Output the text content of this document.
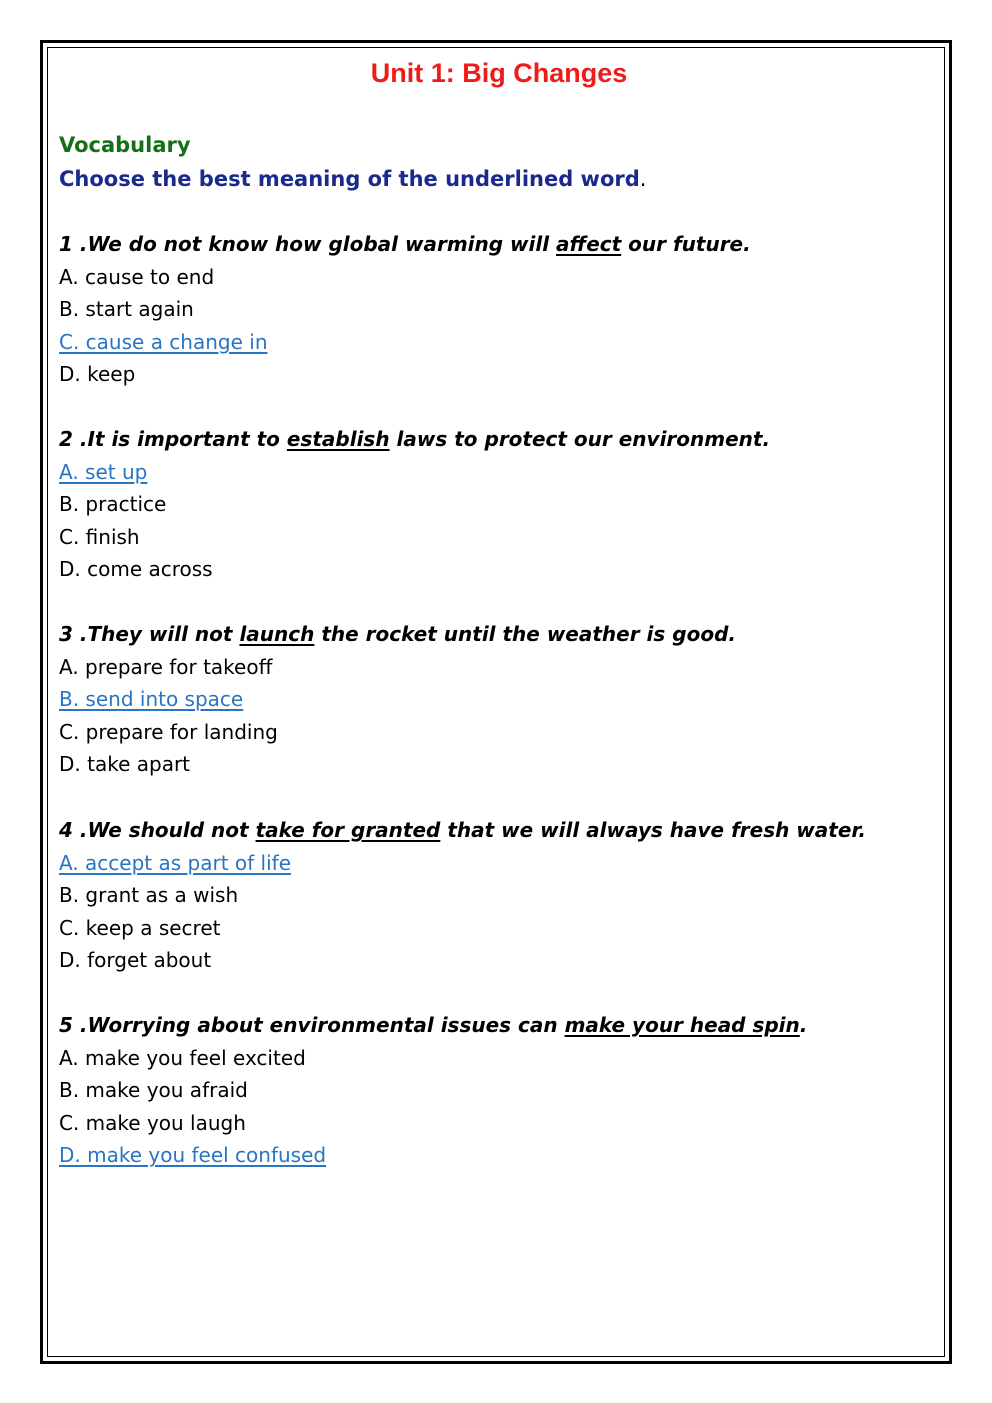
Unit 1: Big Changes
Vocabulary
Choose the best meaning of the underlined word.
1 .We do not know how global warming will affect our future.
A. cause to end
B. start again
C. cause a change in
D. keep
2 .It is important to establish laws to protect our environment.
A. set up
B. practice
C. finish
D. come across
3 .They will not launch the rocket until the weather is good.
A. prepare for takeoff
B. send into space
C. prepare for landing
D. take apart
4 .We should not take for granted that we will always have fresh water.
A. accept as part of life
B. grant as a wish
C. keep a secret
D. forget about
5 .Worrying about environmental issues can make your head spin.
A. make you feel excited
B. make you afraid
C. make you laugh
D. make you feel confused
